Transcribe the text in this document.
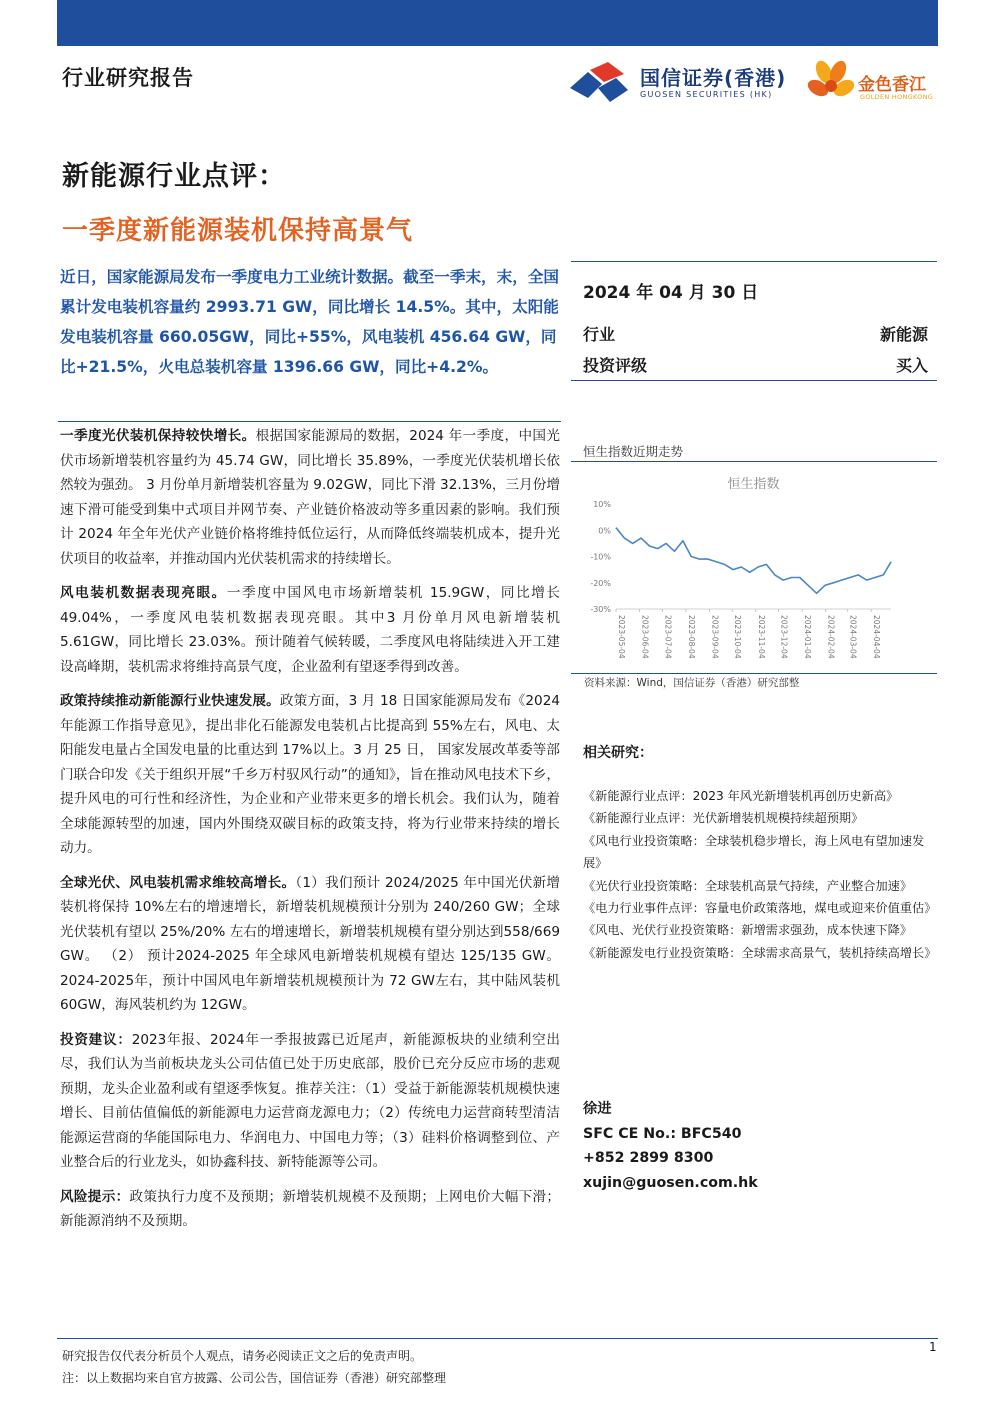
行业研究报告	国信证券(香港)
GUOSEN SECURITIES (HK)	金色香江
GOLDEN HONGKONG
新能源行业点评：
一季度新能源装机保持高景气
近日，国家能源局发布一季度电力工业统计数据。截至一季末，末，全国累计发电装机容量约 2993.71 GW，同比增长 14.5%。其中，太阳能发电装机容量 660.05GW，同比+55%，风电装机 456.64 GW，同比+21.5%，火电总装机容量 1396.66 GW，同比+4.2%。

一季度光伏装机保持较快增长。根据国家能源局的数据，2024 年一季度，中国光伏市场新增装机容量约为 45.74 GW，同比增长 35.89%，一季度光伏装机增长依然较为强劲。 3 月份单月新增装机容量为 9.02GW，同比下滑 32.13%，三月份增速下滑可能受到集中式项目并网节奏、产业链价格波动等多重因素的影响。我们预计 2024 年全年光伏产业链价格将维持低位运行，从而降低终端装机成本，提升光伏项目的收益率，并推动国内光伏装机需求的持续增长。

风电装机数据表现亮眼。一季度中国风电市场新增装机 15.9GW，同比增长 49.04%，一季度风电装机数据表现亮眼。其中3 月份单月风电新增装机 5.61GW，同比增长 23.03%。预计随着气候转暖，二季度风电将陆续进入开工建设高峰期，装机需求将维持高景气度，企业盈利有望逐季得到改善。

政策持续推动新能源行业快速发展。政策方面，3 月 18 日国家能源局发布《2024 年能源工作指导意见》，提出非化石能源发电装机占比提高到 55%左右，风电、太阳能发电量占全国发电量的比重达到 17%以上。3 月 25 日， 国家发展改革委等部门联合印发《关于组织开展“千乡万村驭风行动”的通知》，旨在推动风电技术下乡，提升风电的可行性和经济性，为企业和产业带来更多的增长机会。我们认为，随着全球能源转型的加速，国内外围绕双碳目标的政策支持，将为行业带来持续的增长动力。

全球光伏、风电装机需求维较高增长。（1）我们预计 2024/2025 年中国光伏新增装机将保持 10%左右的增速增长，新增装机规模预计分别为 240/260 GW；全球光伏装机有望以 25%/20% 左右的增速增长，新增装机规模有望分别达到558/669 GW。 （2） 预计2024-2025 年全球风电新增装机规模有望达 125/135 GW。2024-2025年，预计中国风电年新增装机规模预计为 72 GW左右，其中陆风装机 60GW，海风装机约为 12GW。

投资建议：2023年报、2024年一季报披露已近尾声，新能源板块的业绩利空出尽，我们认为当前板块龙头公司估值已处于历史底部，股价已充分反应市场的悲观预期，龙头企业盈利或有望逐季恢复。推荐关注：（1）受益于新能源装机规模快速增长、目前估值偏低的新能源电力运营商龙源电力；（2）传统电力运营商转型清洁能源运营商的华能国际电力、华润电力、中国电力等；（3）硅料价格调整到位、产业整合后的行业龙头，如协鑫科技、新特能源等公司。

风险提示：政策执行力度不及预期；新增装机规模不及预期；上网电价大幅下滑；新能源消纳不及预期。

2024 年 04 月 30 日
行业	新能源
投资评级	买入
恒生指数近期走势
恒生指数
10%
0%
-10%
-20%
-30%
2023-05-04 2023-06-04 2023-07-04 2023-08-04 2023-09-04 2023-10-04 2023-11-04 2023-12-04 2024-01-04 2024-02-04 2024-03-04 2024-04-04
资料来源：Wind，国信证券（香港）研究部整
相关研究：
《新能源行业点评：2023 年风光新增装机再创历史新高》
《新能源行业点评：光伏新增装机规模持续超预期》
《风电行业投资策略：全球装机稳步增长，海上风电有望加速发展》
《光伏行业投资策略：全球装机高景气持续，产业整合加速》
《电力行业事件点评：容量电价政策落地，煤电或迎来价值重估》
《风电、光伏行业投资策略：新增需求强劲，成本快速下降》
《新能源发电行业投资策略：全球需求高景气，装机持续高增长》
徐进
SFC CE No.: BFC540
+852 2899 8300
xujin@guosen.com.hk
研究报告仅代表分析员个人观点，请务必阅读正文之后的免责声明。
注：以上数据均来自官方披露、公司公告，国信证券（香港）研究部整理
1
